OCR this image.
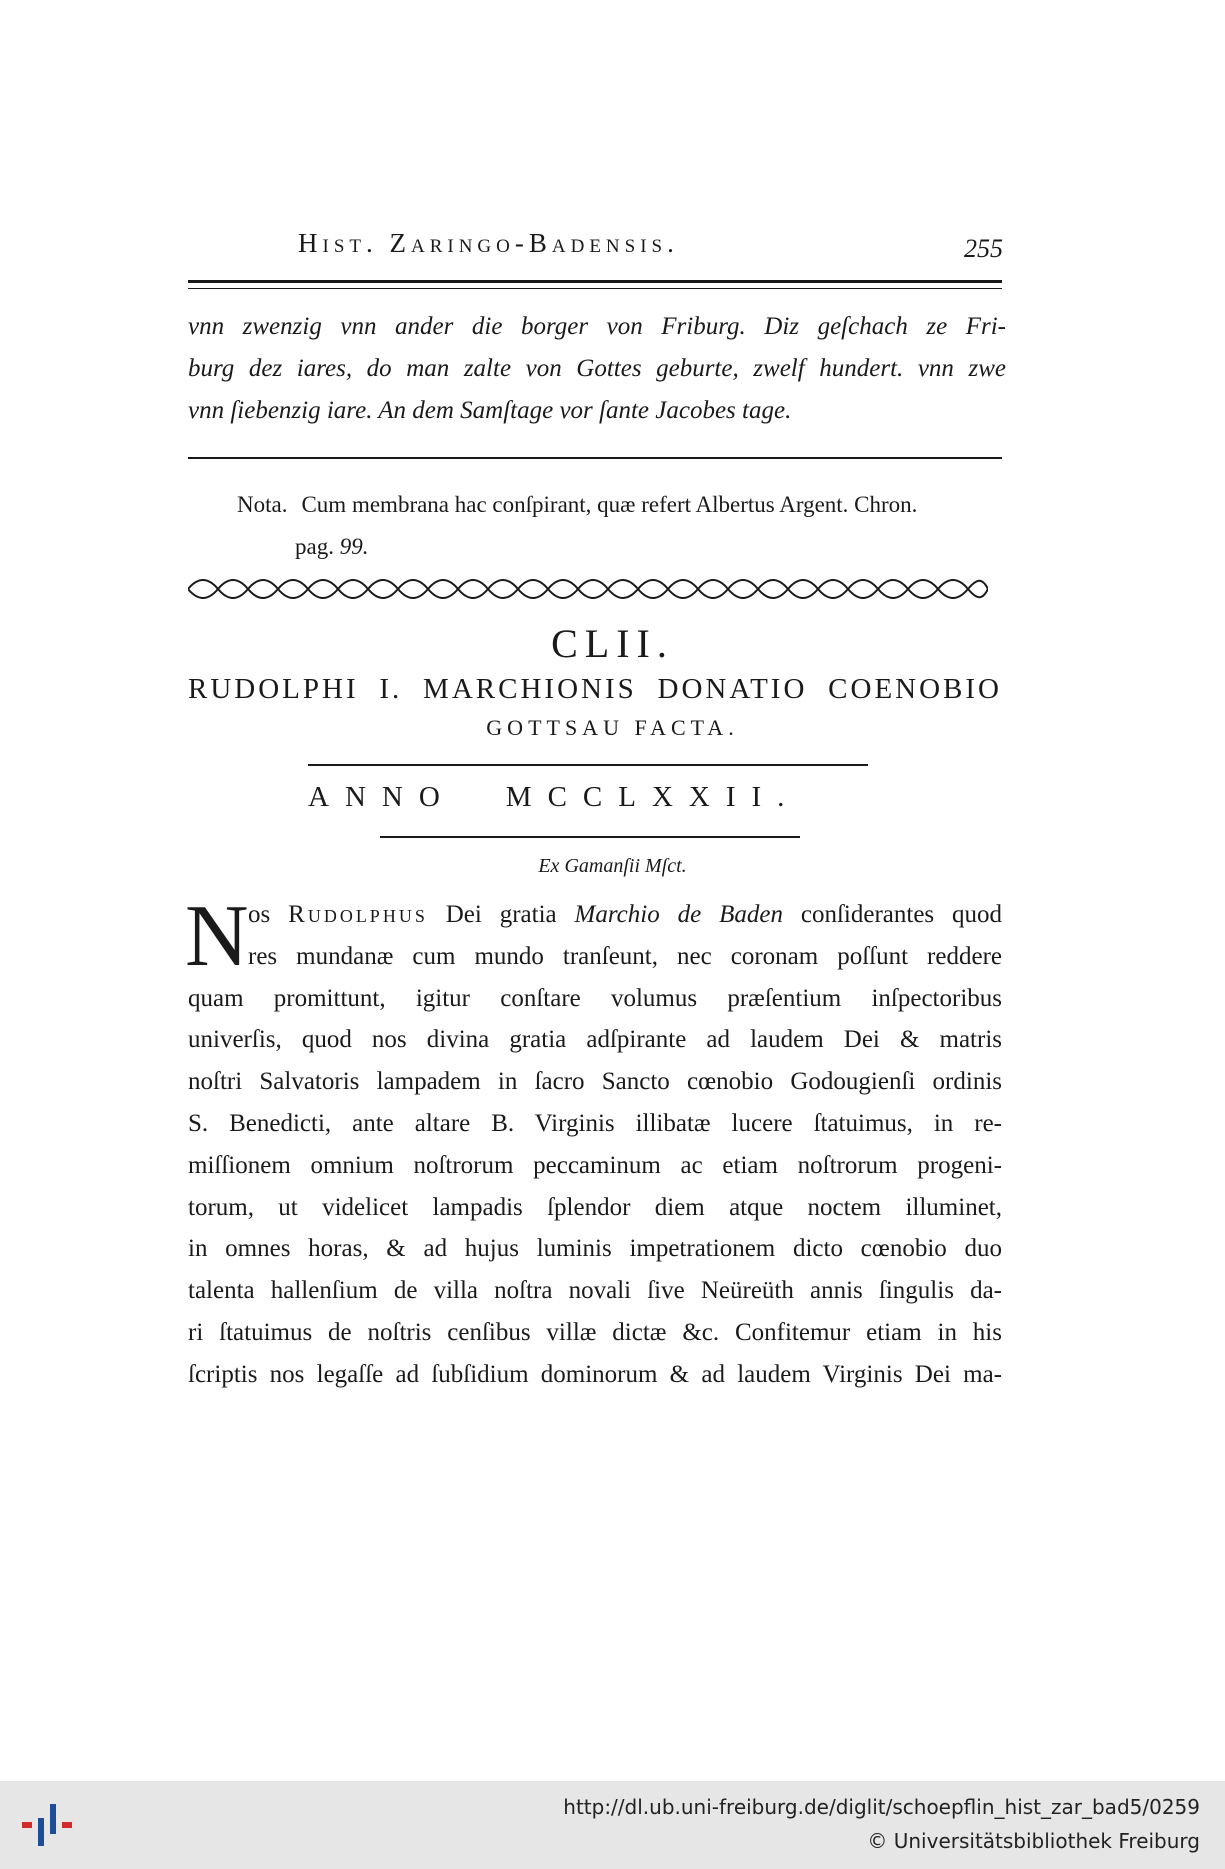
Hist. Zaringo-Badensis.	255
vnn zwenzig vnn ander die borger von Friburg. Diz geſchach ze Fri-
burg dez iares, do man zalte von Gottes geburte, zwelf hundert. vnn zwe
vnn ſiebenzig iare. An dem Samſtage vor ſante Jacobes tage.
Nota. Cum membrana hac conſpirant, quæ refert Albertus Argent. Chron.
pag. 99.
CLII.
RUDOLPHI I. MARCHIONIS DONATIO COENOBIO
GOTTSAU FACTA.
ANNO MCCLXXII.
Ex Gamanſii Mſct.
N os Rudolphus Dei gratia Marchio de Baden conſiderantes quod
res mundanæ cum mundo tranſeunt, nec coronam poſſunt reddere
quam promittunt, igitur conſtare volumus præſentium inſpectoribus
univerſis, quod nos divina gratia adſpirante ad laudem Dei & matris
noſtri Salvatoris lampadem in ſacro Sancto cœnobio Godougienſi ordinis
S. Benedicti, ante altare B. Virginis illibatæ lucere ſtatuimus, in re-
miſſionem omnium noſtrorum peccaminum ac etiam noſtrorum progeni-
torum, ut videlicet lampadis ſplendor diem atque noctem illuminet,
in omnes horas, & ad hujus luminis impetrationem dicto cœnobio duo
talenta hallenſium de villa noſtra novali ſive Neüreüth annis ſingulis da-
ri ſtatuimus de noſtris cenſibus villæ dictæ &c. Confitemur etiam in his
ſcriptis nos legaſſe ad ſubſidium dominorum & ad laudem Virginis Dei ma-
http://dl.ub.uni-freiburg.de/diglit/schoepflin_hist_zar_bad5/0259
© Universitätsbibliothek Freiburg
